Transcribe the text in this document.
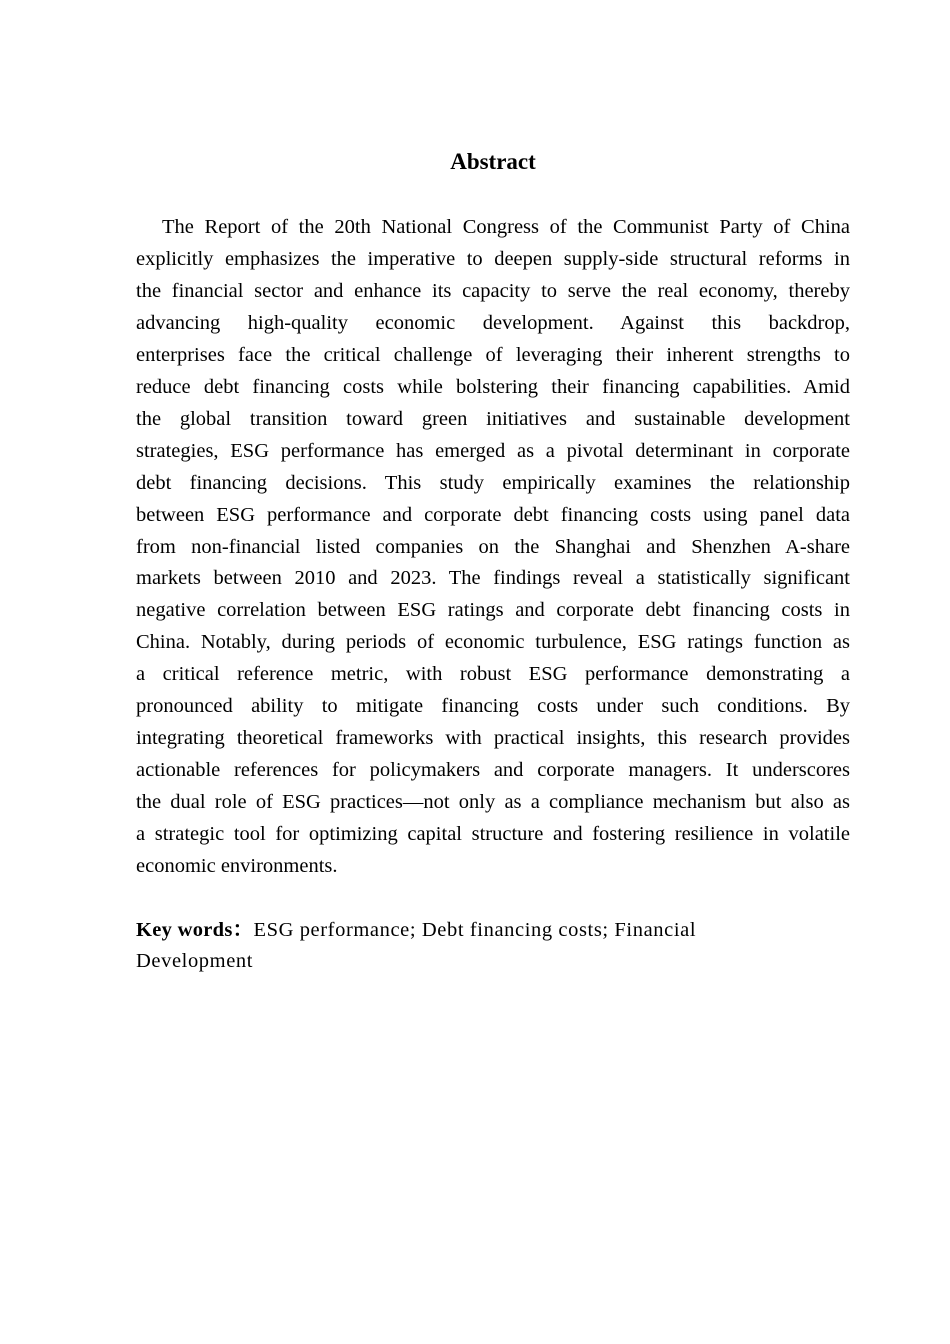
Abstract
The Report of the 20th National Congress of the Communist Party of China
explicitly emphasizes the imperative to deepen supply-side structural reforms in
the financial sector and enhance its capacity to serve the real economy, thereby
advancing high-quality economic development. Against this backdrop,
enterprises face the critical challenge of leveraging their inherent strengths to
reduce debt financing costs while bolstering their financing capabilities. Amid
the global transition toward green initiatives and sustainable development
strategies, ESG performance has emerged as a pivotal determinant in corporate
debt financing decisions. This study empirically examines the relationship
between ESG performance and corporate debt financing costs using panel data
from non-financial listed companies on the Shanghai and Shenzhen A-share
markets between 2010 and 2023. The findings reveal a statistically significant
negative correlation between ESG ratings and corporate debt financing costs in
China. Notably, during periods of economic turbulence, ESG ratings function as
a critical reference metric, with robust ESG performance demonstrating a
pronounced ability to mitigate financing costs under such conditions. By
integrating theoretical frameworks with practical insights, this research provides
actionable references for policymakers and corporate managers. It underscores
the dual role of ESG practices—not only as a compliance mechanism but also as
a strategic tool for optimizing capital structure and fostering resilience in volatile
economic environments.
Key words：ESG performance; Debt financing costs; Financial
Development
